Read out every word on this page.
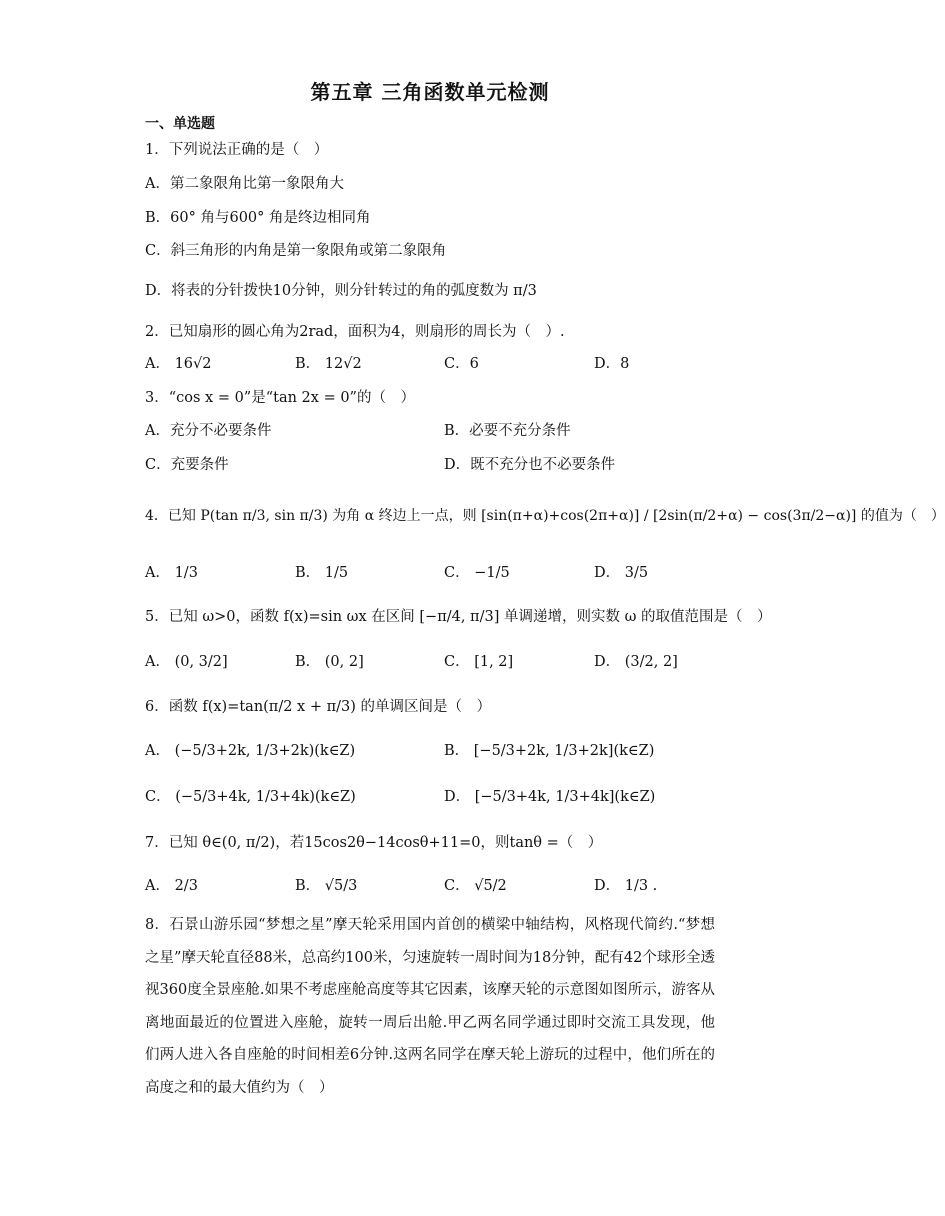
第五章 三角函数单元检测
一、单选题
1．下列说法正确的是（　）
A．第二象限角比第一象限角大
B．60° 角与600° 角是终边相同角
C．斜三角形的内角是第一象限角或第二象限角
D．将表的分针拨快10分钟，则分针转过的角的弧度数为 π/3
2．已知扇形的圆心角为2rad，面积为4，则扇形的周长为（　）.
A． 16√2	B． 12√2	C．6	D．8
3．“cos x = 0”是“tan 2x = 0”的（　）
A．充分不必要条件	B．必要不充分条件
C．充要条件	D．既不充分也不必要条件
4．已知 P(tan π/3, sin π/3) 为角 α 终边上一点，则 [sin(π+α)+cos(2π+α)] / [2sin(π/2+α) − cos(3π/2−α)] 的值为（　）
A． 1/3	B． 1/5	C． −1/5	D． 3/5
5．已知 ω>0，函数 f(x)=sin ωx 在区间 [−π/4, π/3] 单调递增，则实数 ω 的取值范围是（　）
A． (0, 3/2]	B． (0, 2]	C． [1, 2]	D． (3/2, 2]
6．函数 f(x)=tan(π/2 x + π/3) 的单调区间是（　）
A． (−5/3+2k, 1/3+2k)(k∈Z)	B． [−5/3+2k, 1/3+2k](k∈Z)
C． (−5/3+4k, 1/3+4k)(k∈Z)	D． [−5/3+4k, 1/3+4k](k∈Z)
7．已知 θ∈(0, π/2)，若15cos2θ−14cosθ+11=0，则tanθ =（　）
A． 2/3	B． √5/3	C． √5/2	D． 1/3 .
8．石景山游乐园“梦想之星”摩天轮采用国内首创的横梁中轴结构，风格现代简约.“梦想之星”摩天轮直径88米，总高约100米，匀速旋转一周时间为18分钟，配有42个球形全透视360度全景座舱.如果不考虑座舱高度等其它因素，该摩天轮的示意图如图所示，游客从离地面最近的位置进入座舱，旋转一周后出舱.甲乙两名同学通过即时交流工具发现，他们两人进入各自座舱的时间相差6分钟.这两名同学在摩天轮上游玩的过程中，他们所在的高度之和的最大值约为（　）
